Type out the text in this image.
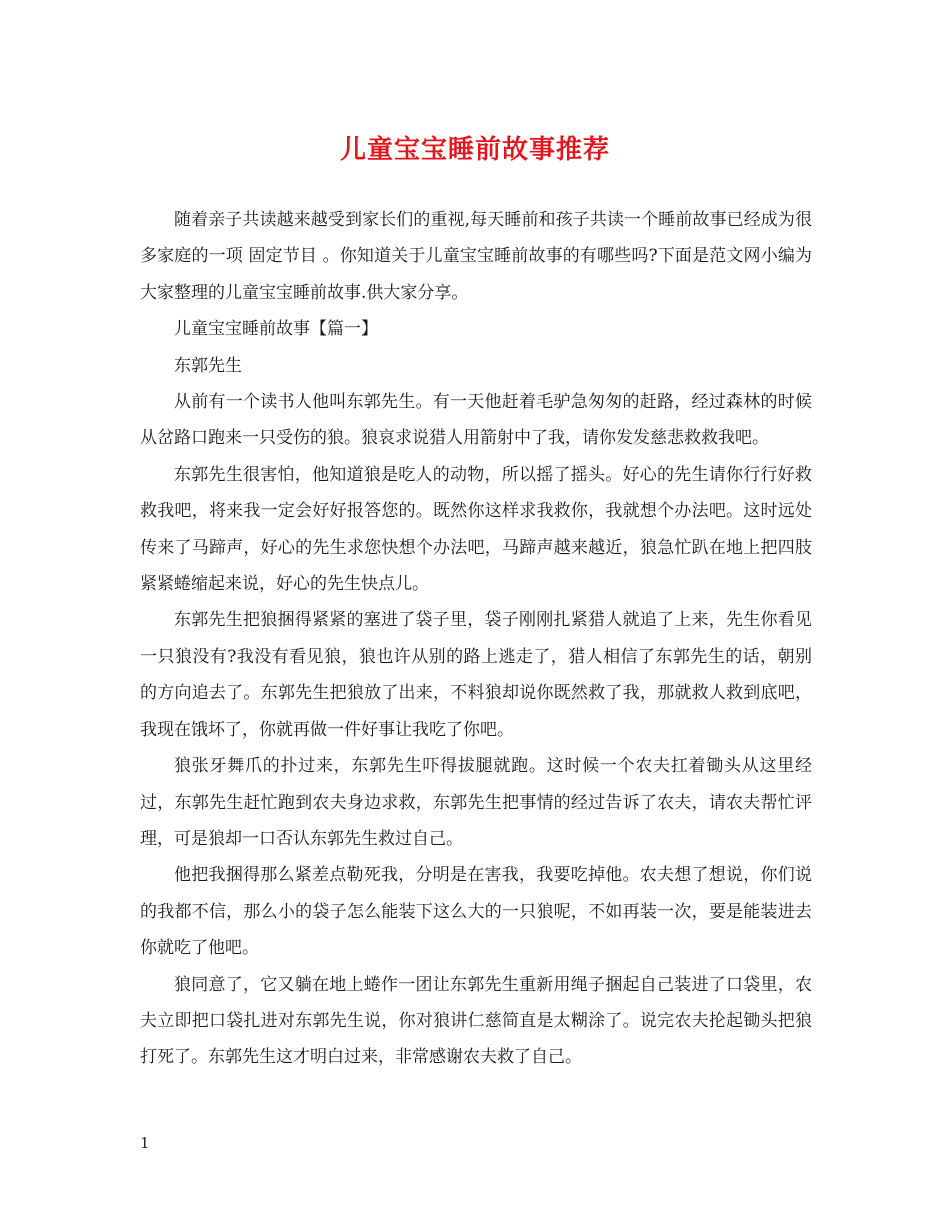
儿童宝宝睡前故事推荐

随着亲子共读越来越受到家长们的重视,每天睡前和孩子共读一个睡前故事已经成为很多家庭的一项 固定节目 。你知道关于儿童宝宝睡前故事的有哪些吗?下面是范文网小编为大家整理的儿童宝宝睡前故事.供大家分享。

儿童宝宝睡前故事【篇一】

东郭先生

从前有一个读书人他叫东郭先生。有一天他赶着毛驴急匆匆的赶路，经过森林的时候从岔路口跑来一只受伤的狼。狼哀求说猎人用箭射中了我，请你发发慈悲救救我吧。

东郭先生很害怕，他知道狼是吃人的动物，所以摇了摇头。好心的先生请你行行好救救我吧，将来我一定会好好报答您的。既然你这样求我救你，我就想个办法吧。这时远处传来了马蹄声，好心的先生求您快想个办法吧，马蹄声越来越近，狼急忙趴在地上把四肢紧紧蜷缩起来说，好心的先生快点儿。

东郭先生把狼捆得紧紧的塞进了袋子里，袋子刚刚扎紧猎人就追了上来，先生你看见一只狼没有?我没有看见狼，狼也许从别的路上逃走了，猎人相信了东郭先生的话，朝别的方向追去了。东郭先生把狼放了出来，不料狼却说你既然救了我，那就救人救到底吧，我现在饿坏了，你就再做一件好事让我吃了你吧。

狼张牙舞爪的扑过来，东郭先生吓得拔腿就跑。这时候一个农夫扛着锄头从这里经过，东郭先生赶忙跑到农夫身边求救，东郭先生把事情的经过告诉了农夫，请农夫帮忙评理，可是狼却一口否认东郭先生救过自己。

他把我捆得那么紧差点勒死我，分明是在害我，我要吃掉他。农夫想了想说，你们说的我都不信，那么小的袋子怎么能装下这么大的一只狼呢，不如再装一次，要是能装进去你就吃了他吧。

狼同意了，它又躺在地上蜷作一团让东郭先生重新用绳子捆起自己装进了口袋里，农夫立即把口袋扎进对东郭先生说，你对狼讲仁慈简直是太糊涂了。说完农夫抡起锄头把狼打死了。东郭先生这才明白过来，非常感谢农夫救了自己。

1
